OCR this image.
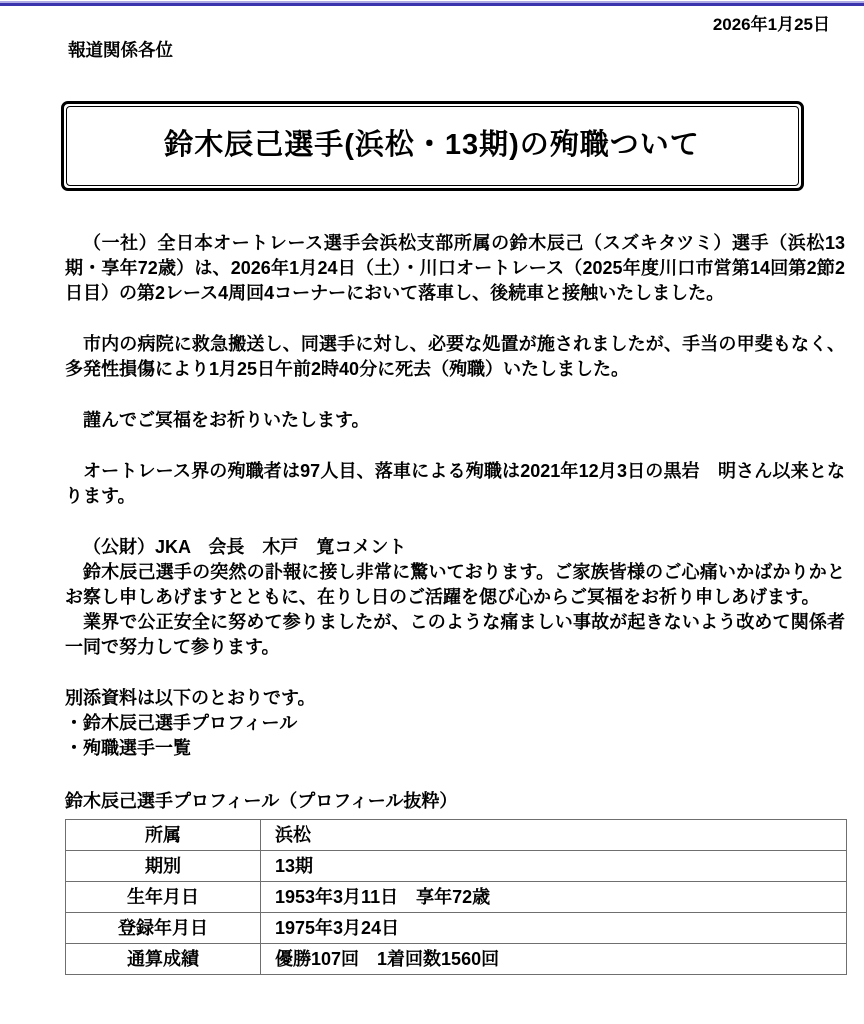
2026年1月25日
報道関係各位
鈴木辰己選手(浜松・13期)の殉職ついて

（一社）全日本オートレース選手会浜松支部所属の鈴木辰己（スズキタツミ）選手（浜松13期・享年72歳）は、2026年1月24日（土）・川口オートレース（2025年度川口市営第14回第2節2日目）の第2レース4周回4コーナーにおいて落車し、後続車と接触いたしました。

市内の病院に救急搬送し、同選手に対し、必要な処置が施されましたが、手当の甲斐もなく、多発性損傷により1月25日午前2時40分に死去（殉職）いたしました。

謹んでご冥福をお祈りいたします。

オートレース界の殉職者は97人目、落車による殉職は2021年12月3日の黒岩　明さん以来となります。

（公財）JKA　会長　木戸　寛コメント

鈴木辰己選手の突然の訃報に接し非常に驚いております。ご家族皆様のご心痛いかばかりかとお察し申しあげますとともに、在りし日のご活躍を偲び心からご冥福をお祈り申しあげます。

業界で公正安全に努めて参りましたが、このような痛ましい事故が起きないよう改めて関係者一同で努力して参ります。

別添資料は以下のとおりです。

・鈴木辰己選手プロフィール

・殉職選手一覧

鈴木辰己選手プロフィール（プロフィール抜粋）
所属	浜松
期別	13期
生年月日	1953年3月11日　享年72歳
登録年月日	1975年3月24日
通算成績	優勝107回　1着回数1560回
